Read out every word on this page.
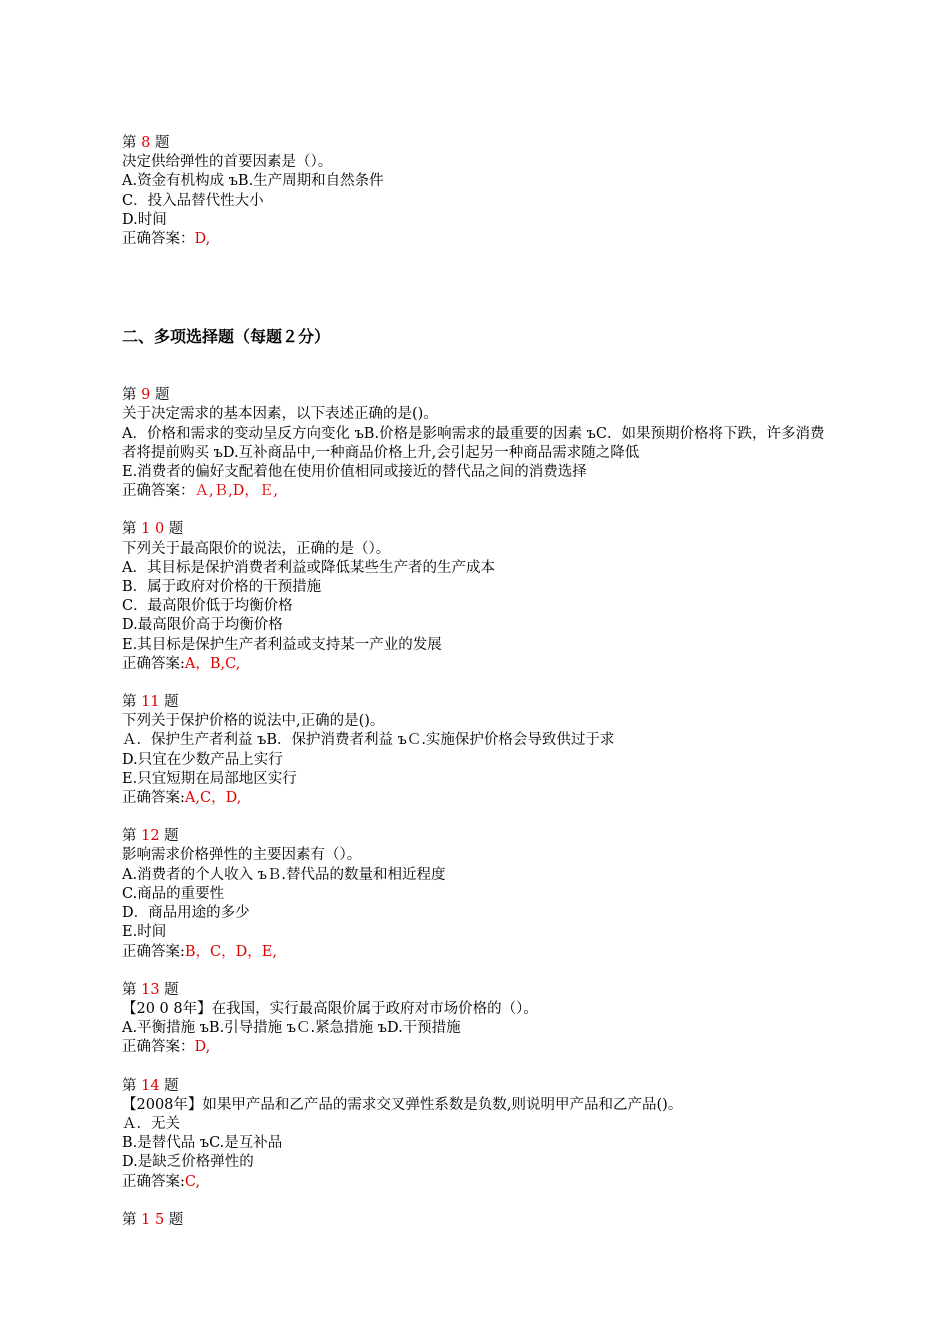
第 8 题
决定供给弹性的首要因素是（）。
A.资金有机构成 ъB.生产周期和自然条件
C．投入品替代性大小
D.时间
正确答案：D,
二、多项选择题（每题２分）
第 9 题
关于决定需求的基本因素，以下表述正确的是()。
A．价格和需求的变动呈反方向变化 ъB.价格是影响需求的最重要的因素 ъC．如果预期价格将下跌，许多消费者将提前购买 ъD.互补商品中,一种商品价格上升,会引起另一种商品需求随之降低
E.消费者的偏好支配着他在使用价值相同或接近的替代品之间的消费选择
正确答案：Ａ,Ｂ,D，Ｅ,
第 1 0 题
下列关于最高限价的说法，正确的是（）。
A．其目标是保护消费者利益或降低某些生产者的生产成本
B．属于政府对价格的干预措施
C．最高限价低于均衡价格
D.最高限价高于均衡价格
E.其目标是保护生产者利益或支持某一产业的发展
正确答案:A，B,C,
第 11 题
下列关于保护价格的说法中,正确的是()。
Ａ．保护生产者利益 ъB．保护消费者利益 ъＣ.实施保护价格会导致供过于求
D.只宜在少数产品上实行
E.只宜短期在局部地区实行
正确答案:A,C，D,
第 12 题
影响需求价格弹性的主要因素有（）。
A.消费者的个人收入 ъＢ.替代品的数量和相近程度
C.商品的重要性
D．商品用途的多少
E.时间
正确答案:B，C，D，E,
第 13 题
【20 0 8年】在我国，实行最高限价属于政府对市场价格的（）。
A.平衡措施 ъB.引导措施 ъＣ.紧急措施 ъD.干预措施
正确答案：D,
第 14 题
【2008年】如果甲产品和乙产品的需求交叉弹性系数是负数,则说明甲产品和乙产品()。
Ａ．无关
B.是替代品 ъC.是互补品
D.是缺乏价格弹性的
正确答案:C,
第 1 5 题
